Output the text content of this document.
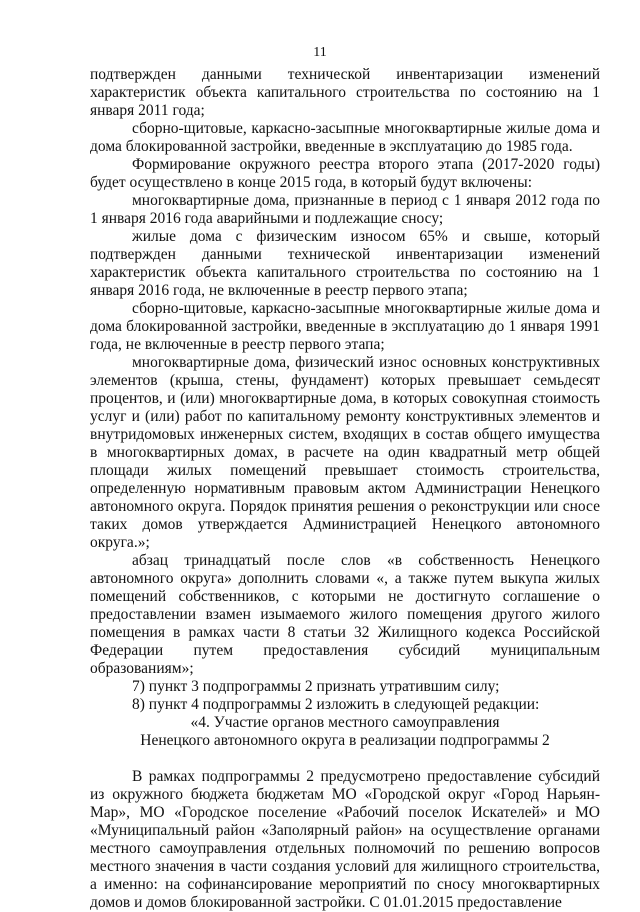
11

подтвержден данными технической инвентаризации изменений характеристик объекта капитального строительства по состоянию на 1 января 2011 года;

сборно-щитовые, каркасно-засыпные многоквартирные жилые дома и дома блокированной застройки, введенные в эксплуатацию до 1985 года.

Формирование окружного реестра второго этапа (2017-2020 годы) будет осуществлено в конце 2015 года, в который будут включены:

многоквартирные дома, признанные в период с 1 января 2012 года по 1 января 2016 года аварийными и подлежащие сносу;

жилые дома с физическим износом 65% и свыше, который подтвержден данными технической инвентаризации изменений характеристик объекта капитального строительства по состоянию на 1 января 2016 года, не включенные в реестр первого этапа;

сборно-щитовые, каркасно-засыпные многоквартирные жилые дома и дома блокированной застройки, введенные в эксплуатацию до 1 января 1991 года, не включенные в реестр первого этапа;

многоквартирные дома, физический износ основных конструктивных элементов (крыша, стены, фундамент) которых превышает семьдесят процентов, и (или) многоквартирные дома, в которых совокупная стоимость услуг и (или) работ по капитальному ремонту конструктивных элементов и внутридомовых инженерных систем, входящих в состав общего имущества в многоквартирных домах, в расчете на один квадратный метр общей площади жилых помещений превышает стоимость строительства, определенную нормативным правовым актом Администрации Ненецкого автономного округа. Порядок принятия решения о реконструкции или сносе таких домов утверждается Администрацией Ненецкого автономного округа.»;

абзац тринадцатый после слов «в собственность Ненецкого автономного округа» дополнить словами «, а также путем выкупа жилых помещений собственников, с которыми не достигнуто соглашение о предоставлении взамен изымаемого жилого помещения другого жилого помещения в рамках части 8 статьи 32 Жилищного кодекса Российской Федерации путем предоставления субсидий муниципальным образованиям»;

7) пункт 3 подпрограммы 2 признать утратившим силу;

8) пункт 4 подпрограммы 2 изложить в следующей редакции:

«4. Участие органов местного самоуправления

Ненецкого автономного округа в реализации подпрограммы 2

В рамках подпрограммы 2 предусмотрено предоставление субсидий из окружного бюджета бюджетам МО «Городской округ «Город Нарьян-Мар», МО «Городское поселение «Рабочий поселок Искателей» и МО «Муниципальный район «Заполярный район» на осуществление органами местного самоуправления отдельных полномочий по решению вопросов местного значения в части создания условий для жилищного строительства, а именно: на софинансирование мероприятий по сносу многоквартирных домов и домов блокированной застройки. С 01.01.2015 предоставление
